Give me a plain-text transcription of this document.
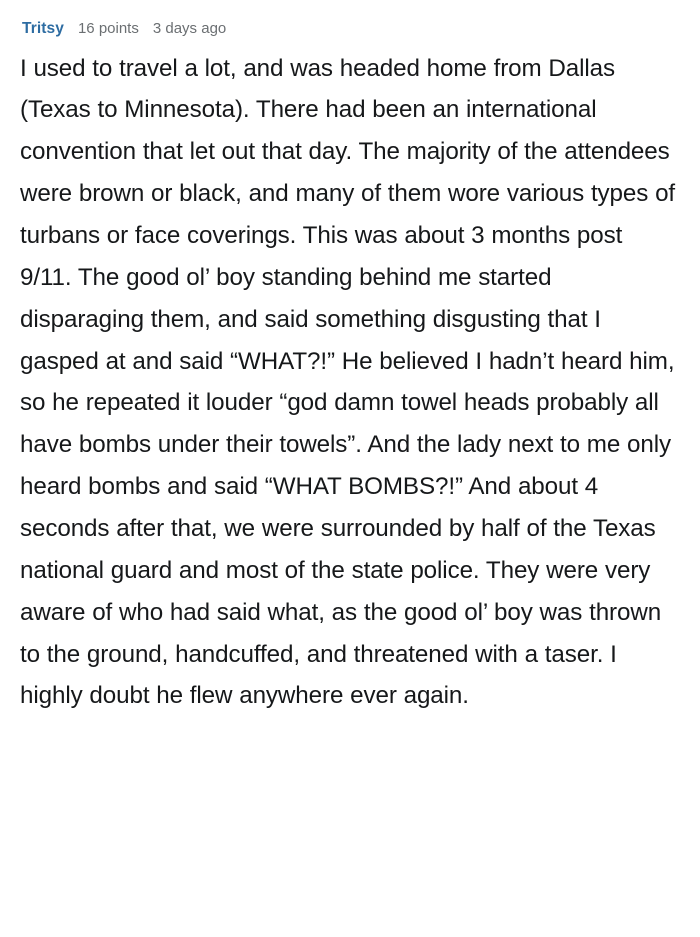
Tritsy 16 points 3 days ago
I used to travel a lot, and was headed home from Dallas (Texas to Minnesota). There had been an international convention that let out that day. The majority of the attendees were brown or black, and many of them wore various types of turbans or face coverings. This was about 3 months post 9/11. The good ol’ boy standing behind me started disparaging them, and said something disgusting that I gasped at and said “WHAT?!” He believed I hadn’t heard him, so he repeated it louder “god damn towel heads probably all have bombs under their towels”. And the lady next to me only heard bombs and said “WHAT BOMBS?!” And about 4 seconds after that, we were surrounded by half of the Texas national guard and most of the state police. They were very aware of who had said what, as the good ol’ boy was thrown to the ground, handcuffed, and threatened with a taser. I highly doubt he flew anywhere ever again.
